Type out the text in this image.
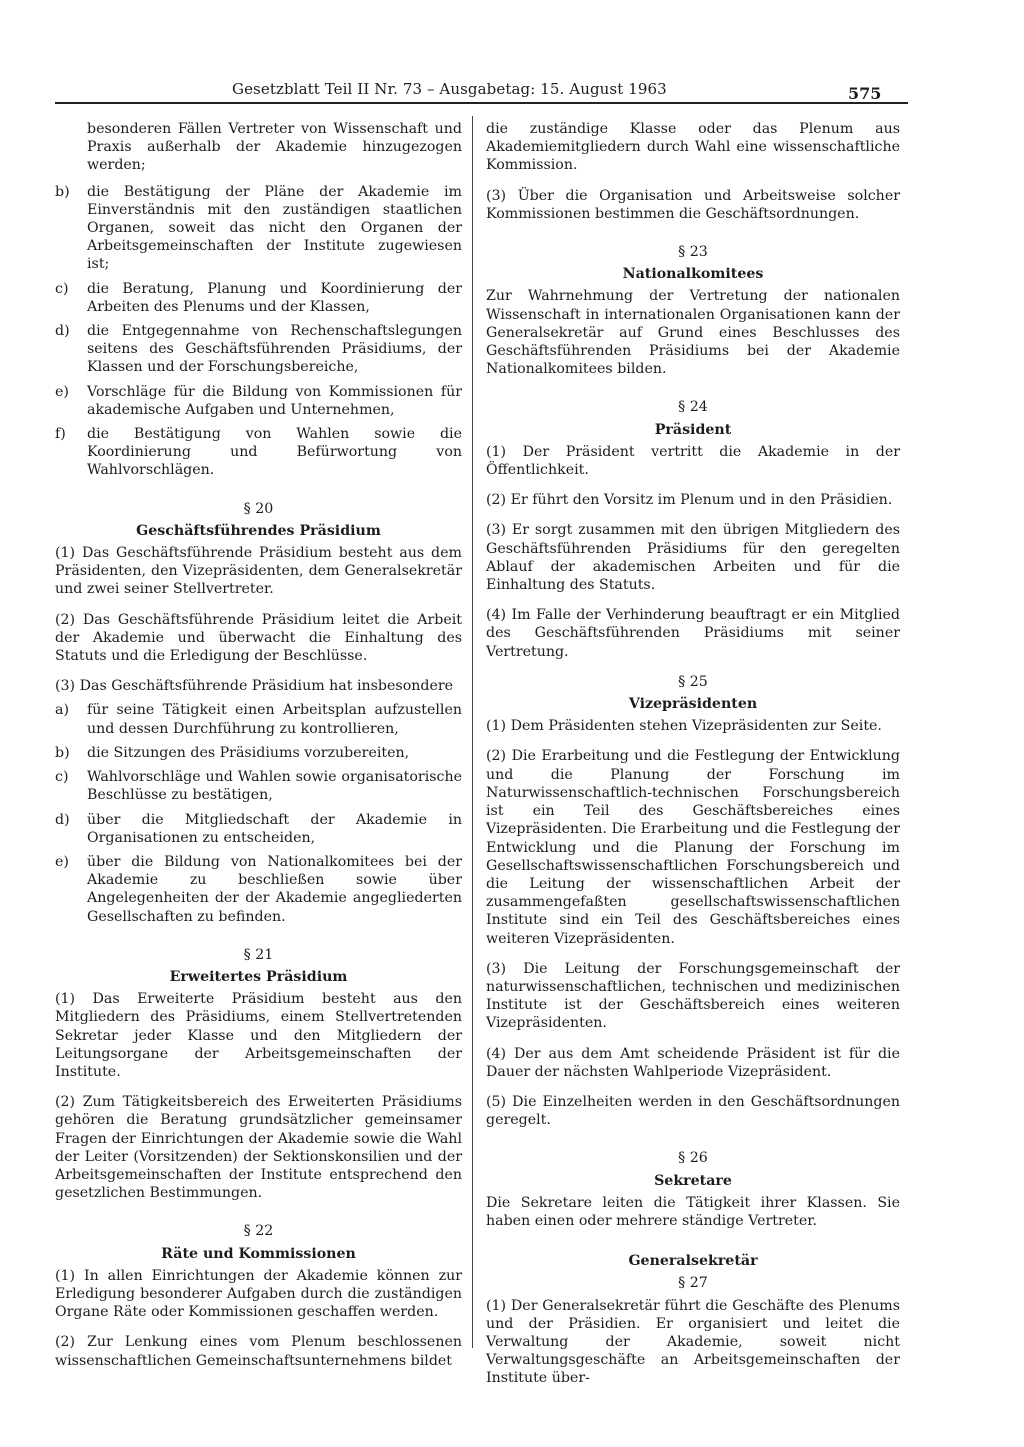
Gesetzblatt Teil II Nr. 73 – Ausgabetag: 15. August 1963	575
besonderen Fällen Vertreter von Wissenschaft und Praxis außerhalb der Akademie hinzugezogen werden;
b)	die Bestätigung der Pläne der Akademie im Einverständnis mit den zuständigen staatlichen Organen, soweit das nicht den Organen der Arbeitsgemeinschaften der Institute zugewiesen ist;
c)	die Beratung, Planung und Koordinierung der Arbeiten des Plenums und der Klassen,
d)	die Entgegennahme von Rechenschaftslegungen seitens des Geschäftsführenden Präsidiums, der Klassen und der Forschungsbereiche,
e)	Vorschläge für die Bildung von Kommissionen für akademische Aufgaben und Unternehmen,
f)	die Bestätigung von Wahlen sowie die Koordinierung und Befürwortung von Wahlvorschlägen.
§ 20
Geschäftsführendes Präsidium

(1) Das Geschäftsführende Präsidium besteht aus dem Präsidenten, den Vizepräsidenten, dem Generalsekretär und zwei seiner Stellvertreter.

(2) Das Geschäftsführende Präsidium leitet die Arbeit der Akademie und überwacht die Einhaltung des Statuts und die Erledigung der Beschlüsse.

(3) Das Geschäftsführende Präsidium hat insbesondere

a)	für seine Tätigkeit einen Arbeitsplan aufzustellen und dessen Durchführung zu kontrollieren,
b)	die Sitzungen des Präsidiums vorzubereiten,
c)	Wahlvorschläge und Wahlen sowie organisatorische Beschlüsse zu bestätigen,
d)	über die Mitgliedschaft der Akademie in Organisationen zu entscheiden,
e)	über die Bildung von Nationalkomitees bei der Akademie zu beschließen sowie über Angelegenheiten der der Akademie angegliederten Gesellschaften zu befinden.
§ 21
Erweitertes Präsidium

(1) Das Erweiterte Präsidium besteht aus den Mitgliedern des Präsidiums, einem Stellvertretenden Sekretar jeder Klasse und den Mitgliedern der Leitungsorgane der Arbeitsgemeinschaften der Institute.

(2) Zum Tätigkeitsbereich des Erweiterten Präsidiums gehören die Beratung grundsätzlicher gemeinsamer Fragen der Einrichtungen der Akademie sowie die Wahl der Leiter (Vorsitzenden) der Sektionskonsilien und der Arbeitsgemeinschaften der Institute entsprechend den gesetzlichen Bestimmungen.

§ 22
Räte und Kommissionen

(1) In allen Einrichtungen der Akademie können zur Erledigung besonderer Aufgaben durch die zuständigen Organe Räte oder Kommissionen geschaffen werden.

(2) Zur Lenkung eines vom Plenum beschlossenen wissenschaftlichen Gemeinschaftsunternehmens bildet

die zuständige Klasse oder das Plenum aus Akademiemitgliedern durch Wahl eine wissenschaftliche Kommission.

(3) Über die Organisation und Arbeitsweise solcher Kommissionen bestimmen die Geschäftsordnungen.

§ 23
Nationalkomitees

Zur Wahrnehmung der Vertretung der nationalen Wissenschaft in internationalen Organisationen kann der Generalsekretär auf Grund eines Beschlusses des Geschäftsführenden Präsidiums bei der Akademie Nationalkomitees bilden.

§ 24
Präsident

(1) Der Präsident vertritt die Akademie in der Öffentlichkeit.

(2) Er führt den Vorsitz im Plenum und in den Präsidien.

(3) Er sorgt zusammen mit den übrigen Mitgliedern des Geschäftsführenden Präsidiums für den geregelten Ablauf der akademischen Arbeiten und für die Einhaltung des Statuts.

(4) Im Falle der Verhinderung beauftragt er ein Mitglied des Geschäftsführenden Präsidiums mit seiner Vertretung.

§ 25
Vizepräsidenten

(1) Dem Präsidenten stehen Vizepräsidenten zur Seite.

(2) Die Erarbeitung und die Festlegung der Entwicklung und die Planung der Forschung im Naturwissenschaftlich-technischen Forschungsbereich ist ein Teil des Geschäftsbereiches eines Vizepräsidenten. Die Erarbeitung und die Festlegung der Entwicklung und die Planung der Forschung im Gesellschaftswissenschaftlichen Forschungsbereich und die Leitung der wissenschaftlichen Arbeit der zusammengefaßten gesellschaftswissenschaftlichen Institute sind ein Teil des Geschäftsbereiches eines weiteren Vizepräsidenten.

(3) Die Leitung der Forschungsgemeinschaft der naturwissenschaftlichen, technischen und medizinischen Institute ist der Geschäftsbereich eines weiteren Vizepräsidenten.

(4) Der aus dem Amt scheidende Präsident ist für die Dauer der nächsten Wahlperiode Vizepräsident.

(5) Die Einzelheiten werden in den Geschäftsordnungen geregelt.

§ 26
Sekretare

Die Sekretare leiten die Tätigkeit ihrer Klassen. Sie haben einen oder mehrere ständige Vertreter.

Generalsekretär
§ 27

(1) Der Generalsekretär führt die Geschäfte des Plenums und der Präsidien. Er organisiert und leitet die Verwaltung der Akademie, soweit nicht Verwaltungsgeschäfte an Arbeitsgemeinschaften der Institute über-
